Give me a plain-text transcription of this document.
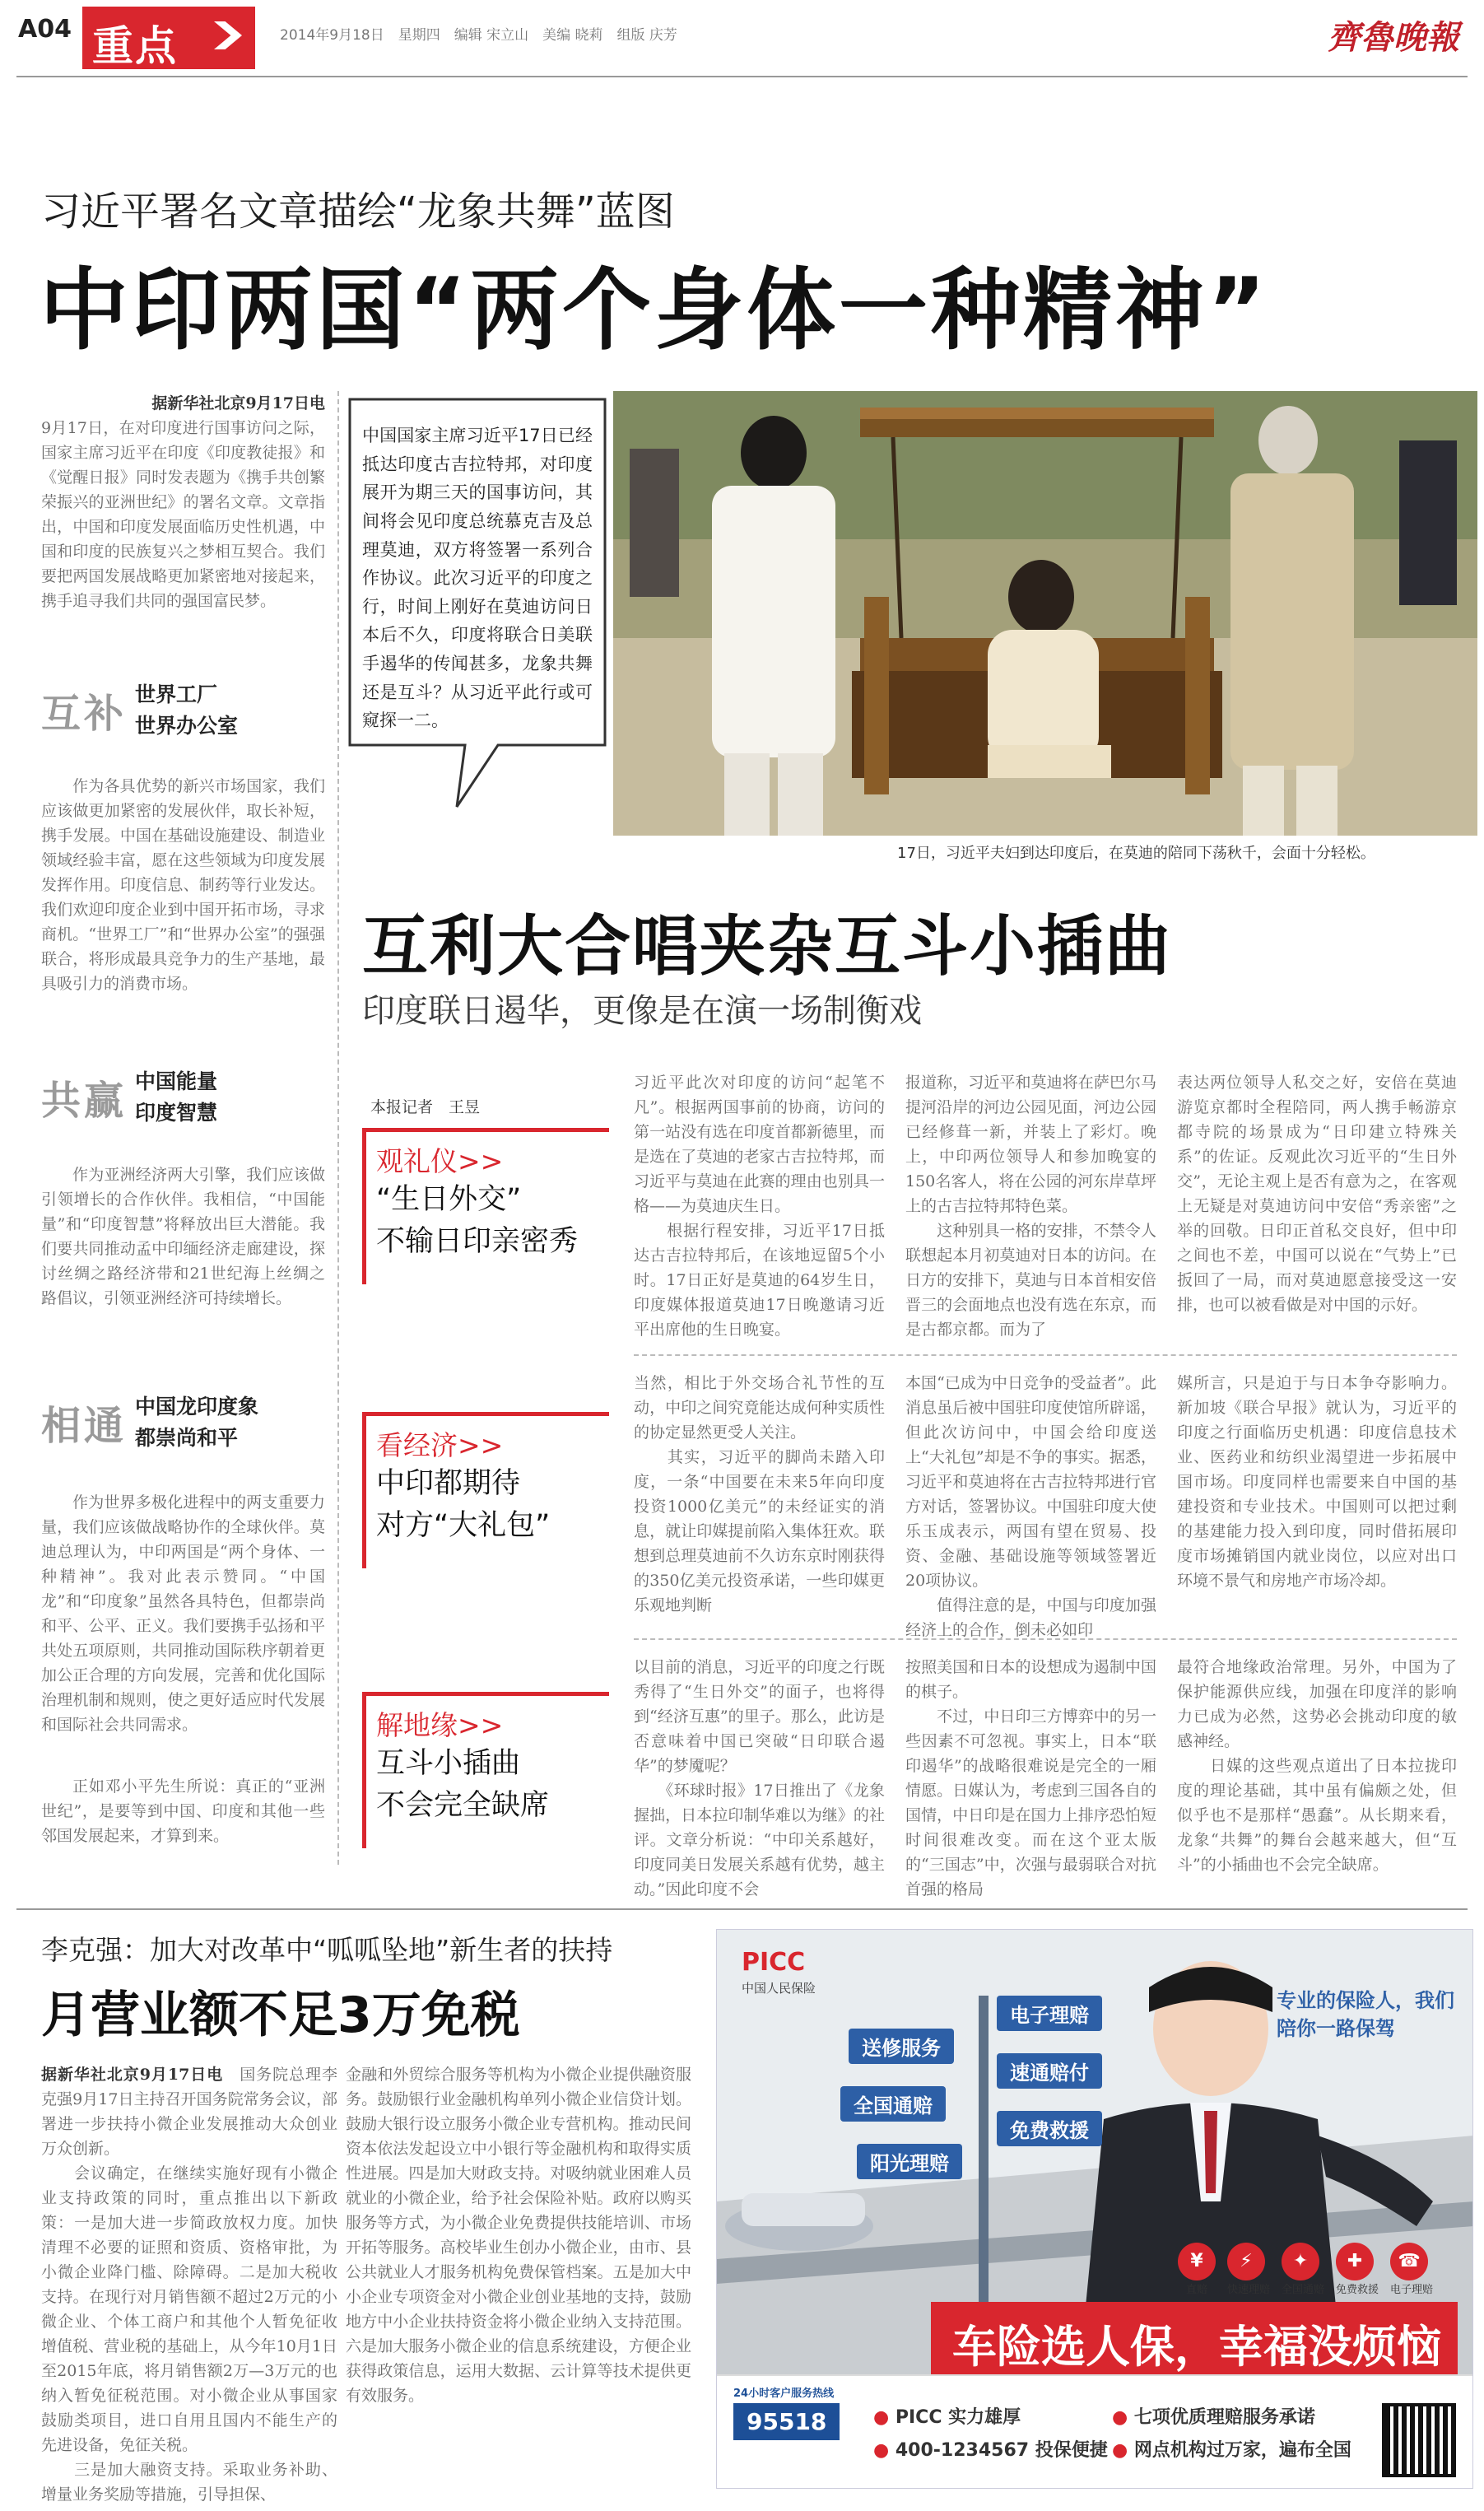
A04 重点	2014年9月18日　星期四　编辑 宋立山　美编 晓莉　组版 庆芳	齊魯晚報
习近平署名文章描绘“龙象共舞”蓝图
中印两国“两个身体一种精神”
据新华社北京9月17日电
9月17日，在对印度进行国事访问之际，国家主席习近平在印度《印度教徒报》和《觉醒日报》同时发表题为《携手共创繁荣振兴的亚洲世纪》的署名文章。文章指出，中国和印度发展面临历史性机遇，中国和印度的民族复兴之梦相互契合。我们要把两国发展战略更加紧密地对接起来，携手追寻我们共同的强国富民梦。
互补 世界工厂
世界办公室
作为各具优势的新兴市场国家，我们应该做更加紧密的发展伙伴，取长补短，携手发展。中国在基础设施建设、制造业领域经验丰富，愿在这些领域为印度发展发挥作用。印度信息、制药等行业发达。我们欢迎印度企业到中国开拓市场，寻求商机。“世界工厂”和“世界办公室”的强强联合，将形成最具竞争力的生产基地，最具吸引力的消费市场。
共赢 中国能量
印度智慧
作为亚洲经济两大引擎，我们应该做引领增长的合作伙伴。我相信，“中国能量”和“印度智慧”将释放出巨大潜能。我们要共同推动孟中印缅经济走廊建设，探讨丝绸之路经济带和21世纪海上丝绸之路倡议，引领亚洲经济可持续增长。
相通 中国龙印度象
都崇尚和平
作为世界多极化进程中的两支重要力量，我们应该做战略协作的全球伙伴。莫迪总理认为，中印两国是“两个身体、一种精神”。我对此表示赞同。“中国龙”和“印度象”虽然各具特色，但都崇尚和平、公平、正义。我们要携手弘扬和平共处五项原则，共同推动国际秩序朝着更加公正合理的方向发展，完善和优化国际治理机制和规则，使之更好适应时代发展和国际社会共同需求。
正如邓小平先生所说：真正的“亚洲世纪”，是要等到中国、印度和其他一些邻国发展起来，才算到来。
中国国家主席习近平17日已经抵达印度古吉拉特邦，对印度展开为期三天的国事访问，其间将会见印度总统慕克吉及总理莫迪，双方将签署一系列合作协议。此次习近平的印度之行，时间上刚好在莫迪访问日本后不久，印度将联合日美联手遏华的传闻甚多，龙象共舞还是互斗？从习近平此行或可窥探一二。
17日，习近平夫妇到达印度后，在莫迪的陪同下荡秋千，会面十分轻松。
互利大合唱夹杂互斗小插曲
印度联日遏华，更像是在演一场制衡戏
本报记者　王昱
观礼仪>>
“生日外交”
不输日印亲密秀
看经济>>
中印都期待
对方“大礼包”
解地缘>>
互斗小插曲
不会完全缺席
习近平此次对印度的访问“起笔不凡”。根据两国事前的协商，访问的第一站没有选在印度首都新德里，而是选在了莫迪的老家古吉拉特邦，而习近平与莫迪在此赛的理由也别具一格——为莫迪庆生日。
　　根据行程安排，习近平17日抵达古吉拉特邦后，在该地逗留5个小时。17日正好是莫迪的64岁生日，印度媒体报道莫迪17日晚邀请习近平出席他的生日晚宴。
报道称，习近平和莫迪将在萨巴尔马提河沿岸的河边公园见面，河边公园已经修葺一新，并装上了彩灯。晚上，中印两位领导人和参加晚宴的150名客人，将在公园的河东岸草坪上的古吉拉特邦特色菜。
　　这种别具一格的安排，不禁令人联想起本月初莫迪对日本的访问。在日方的安排下，莫迪与日本首相安倍晋三的会面地点也没有选在东京，而是古都京都。而为了
表达两位领导人私交之好，安倍在莫迪游览京都时全程陪同，两人携手畅游京都寺院的场景成为“日印建立特殊关系”的佐证。反观此次习近平的“生日外交”，无论主观上是否有意为之，在客观上无疑是对莫迪访问中安倍“秀亲密”之举的回敬。日印正首私交良好，但中印之间也不差，中国可以说在“气势上”已扳回了一局，而对莫迪愿意接受这一安排，也可以被看做是对中国的示好。
当然，相比于外交场合礼节性的互动，中印之间究竟能达成何种实质性的协定显然更受人关注。
　　其实，习近平的脚尚未踏入印度，一条“中国要在未来5年向印度投资1000亿美元”的未经证实的消息，就让印媒提前陷入集体狂欢。联想到总理莫迪前不久访东京时刚获得的350亿美元投资承诺，一些印媒更乐观地判断
本国“已成为中日竞争的受益者”。此消息虽后被中国驻印度使馆所辟谣，但此次访问中，中国会给印度送上“大礼包”却是不争的事实。据悉，习近平和莫迪将在古吉拉特邦进行官方对话，签署协议。中国驻印度大使乐玉成表示，两国有望在贸易、投资、金融、基础设施等领域签署近20项协议。
　　值得注意的是，中国与印度加强经济上的合作，倒未必如印
媒所言，只是迫于与日本争夺影响力。新加坡《联合早报》就认为，习近平的印度之行面临历史机遇：印度信息技术业、医药业和纺织业渴望进一步拓展中国市场。印度同样也需要来自中国的基建投资和专业技术。中国则可以把过剩的基建能力投入到印度，同时借拓展印度市场摊销国内就业岗位，以应对出口环境不景气和房地产市场冷却。
以目前的消息，习近平的印度之行既秀得了“生日外交”的面子，也将得到“经济互惠”的里子。那么，此访是否意味着中国已突破“日印联合遏华”的梦魇呢？
　　《环球时报》17日推出了《龙象握拙，日本拉印制华难以为继》的社评。文章分析说：“中印关系越好，印度同美日发展关系越有优势，越主动。”因此印度不会
按照美国和日本的设想成为遏制中国的棋子。
　　不过，中日印三方博弈中的另一些因素不可忽视。事实上，日本“联印遏华”的战略很难说是完全的一厢情愿。日媒认为，考虑到三国各自的国情，中日印是在国力上排序恐怕短时间很难改变。而在这个亚太版的“三国志”中，次强与最弱联合对抗首强的格局
最符合地缘政治常理。另外，中国为了保护能源供应线，加强在印度洋的影响力已成为必然，这势必会挑动印度的敏感神经。
　　日媒的这些观点道出了日本拉拢印度的理论基础，其中虽有偏颇之处，但似乎也不是那样“愚蠢”。从长期来看，龙象“共舞”的舞台会越来越大，但“互斗”的小插曲也不会完全缺席。
李克强：加大对改革中“呱呱坠地”新生者的扶持
月营业额不足3万免税
据新华社北京9月17日电　 国务院总理李克强9月17日主持召开国务院常务会议，部署进一步扶持小微企业发展推动大众创业万众创新。
　　会议确定，在继续实施好现有小微企业支持政策的同时，重点推出以下新政策：一是加大进一步简政放权力度。加快清理不必要的证照和资质、资格审批，为小微企业降门槛、除障碍。二是加大税收支持。在现行对月销售额不超过2万元的小微企业、个体工商户和其他个人暂免征收增值税、营业税的基础上，从今年10月1日至2015年底，将月销售额2万—3万元的也纳入暂免征税范围。对小微企业从事国家鼓励类项目，进口自用且国内不能生产的先进设备，免征关税。
　　三是加大融资支持。采取业务补助、增量业务奖励等措施，引导担保、
金融和外贸综合服务等机构为小微企业提供融资服务。鼓励银行业金融机构单列小微企业信贷计划。鼓励大银行设立服务小微企业专营机构。推动民间资本依法发起设立中小银行等金融机构和取得实质性进展。四是加大财政支持。对吸纳就业困难人员就业的小微企业，给予社会保险补贴。政府以购买服务等方式，为小微企业免费提供技能培训、市场开拓等服务。高校毕业生创办小微企业，由市、县公共就业人才服务机构免费保管档案。五是加大中小企业专项资金对小微企业创业基地的支持，鼓励地方中小企业扶持资金将小微企业纳入支持范围。六是加大服务小微企业的信息系统建设，方便企业获得政策信息，运用大数据、云计算等技术提供更有效服务。
PICC
中国人民保险
电子理赔
送修服务
速通赔付
全国通赔
免费救援
阳光理赔
专业的保险人，我们陪你一路保驾
¥
直赔
⚡
快速理赔
✦
全国通赔
✚
免费救援
☎
电子理赔
车险选人保，幸福没烦恼
24小时客户服务热线
95518	● PICC 实力雄厚
● 400-1234567 投保便捷
● 七项优质理赔服务承诺
● 网点机构过万家，遍布全国
